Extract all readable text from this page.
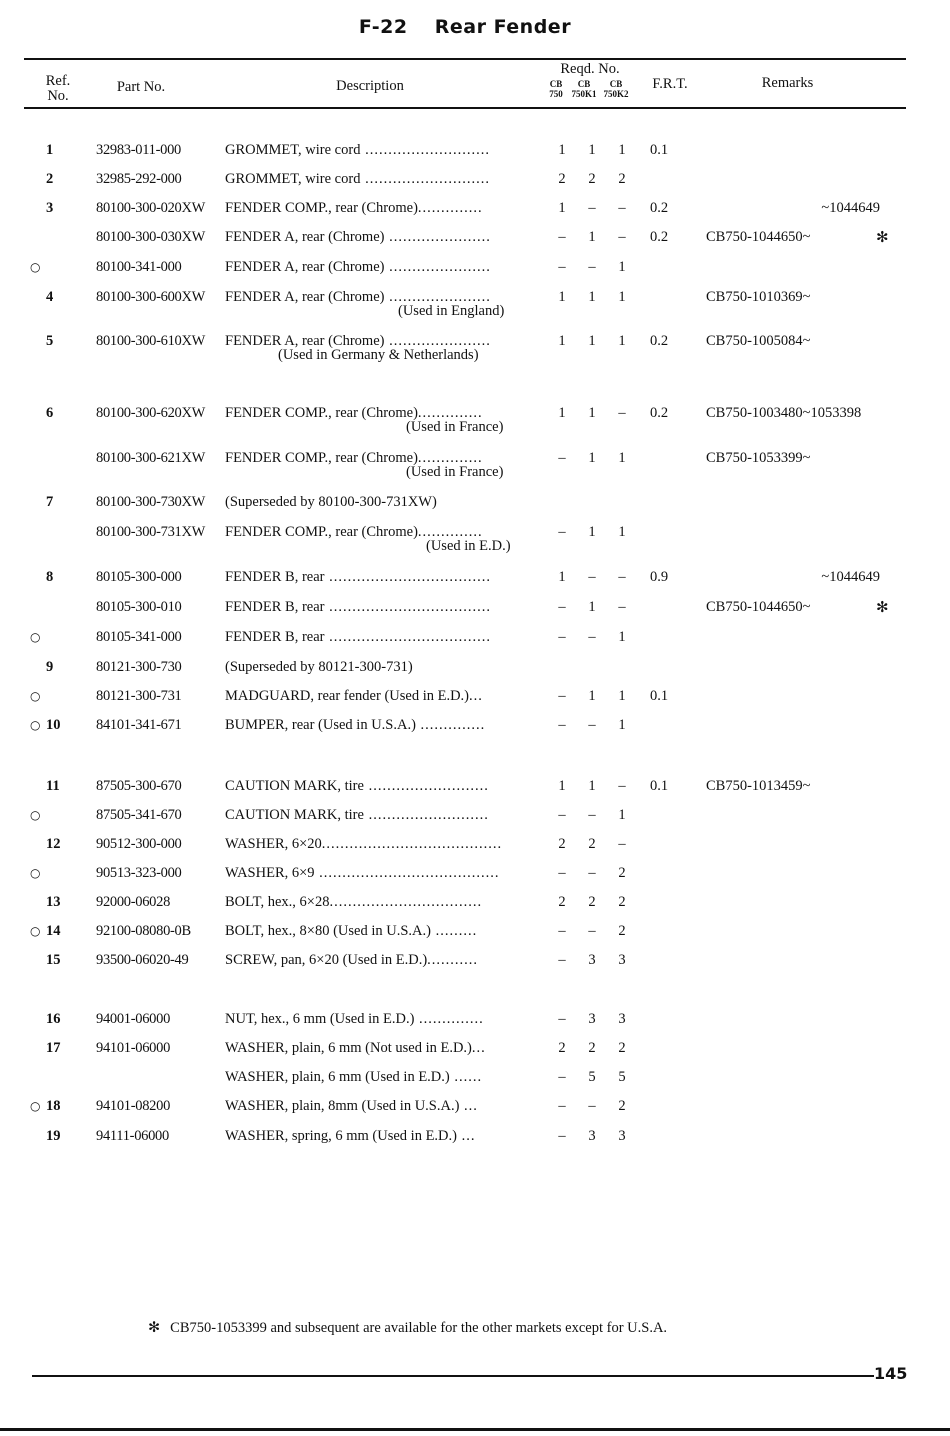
F-22 Rear Fender
Ref.
No.
Part No.	Description
Reqd. No.
CB
750
CB
750K1
CB
750K2
F.R.T.	Remarks
1	32983-011-000	GROMMET, wire cord ...........................	1	1	1	0.1
2	32985-292-000	GROMMET, wire cord ...........................	2	2	2
3	80100-300-020XW FENDER COMP., rear (Chrome)..............	1	–	–	0.2	~1044649
80100-300-030XW FENDER A, rear (Chrome) ......................	–	1	–	0.2	CB750-1044650~	✻
○	80100-341-000	FENDER A, rear (Chrome) ......................	–	–	1
4	80100-300-600XW FENDER A, rear (Chrome) ......................	1	1	1	CB750-1010369~
(Used in England)
5	80100-300-610XW FENDER A, rear (Chrome) ......................	1	1	1	0.2	CB750-1005084~
(Used in Germany & Netherlands)
6	80100-300-620XW FENDER COMP., rear (Chrome)..............	1	1	–	0.2	CB750-1003480~1053398
(Used in France)
80100-300-621XW FENDER COMP., rear (Chrome)..............	–	1	1	CB750-1053399~
(Used in France)
7	80100-300-730XW (Superseded by 80100-300-731XW)
80100-300-731XW FENDER COMP., rear (Chrome)..............	–	1	1
(Used in E.D.)
8	80105-300-000	FENDER B, rear ...................................	1	–	–	0.9	~1044649
80105-300-010	FENDER B, rear ...................................	–	1	–	CB750-1044650~	✻
○	80105-341-000	FENDER B, rear ...................................	–	–	1
9	80121-300-730	(Superseded by 80121-300-731)
○	80121-300-731	MADGUARD, rear fender (Used in E.D.)...	–	1	1	0.1
○ 10	84101-341-671	BUMPER, rear (Used in U.S.A.) ..............	–	–	1
11	87505-300-670	CAUTION MARK, tire ..........................	1	1	–	0.1	CB750-1013459~
○	87505-341-670	CAUTION MARK, tire ..........................	–	–	1
12	90512-300-000	WASHER, 6×20.......................................	2	2	–
○	90513-323-000	WASHER, 6×9 .......................................	–	–	2
13	92000-06028	BOLT, hex., 6×28.................................	2	2	2
○ 14	92100-08080-0B BOLT, hex., 8×80 (Used in U.S.A.) .........	–	–	2
15	93500-06020-49	SCREW, pan, 6×20 (Used in E.D.)...........	–	3	3
16	94001-06000	NUT, hex., 6 mm (Used in E.D.) ..............	–	3	3
17	94101-06000	WASHER, plain, 6 mm (Not used in E.D.)...	2	2	2
WASHER, plain, 6 mm (Used in E.D.) ......	–	5	5
○ 18	94101-08200	WASHER, plain, 8mm (Used in U.S.A.) ...	–	–	2
19	94111-06000	WASHER, spring, 6 mm (Used in E.D.) ...	–	3	3
✻ CB750-1053399 and subsequent are available for the other markets except for U.S.A.
145
